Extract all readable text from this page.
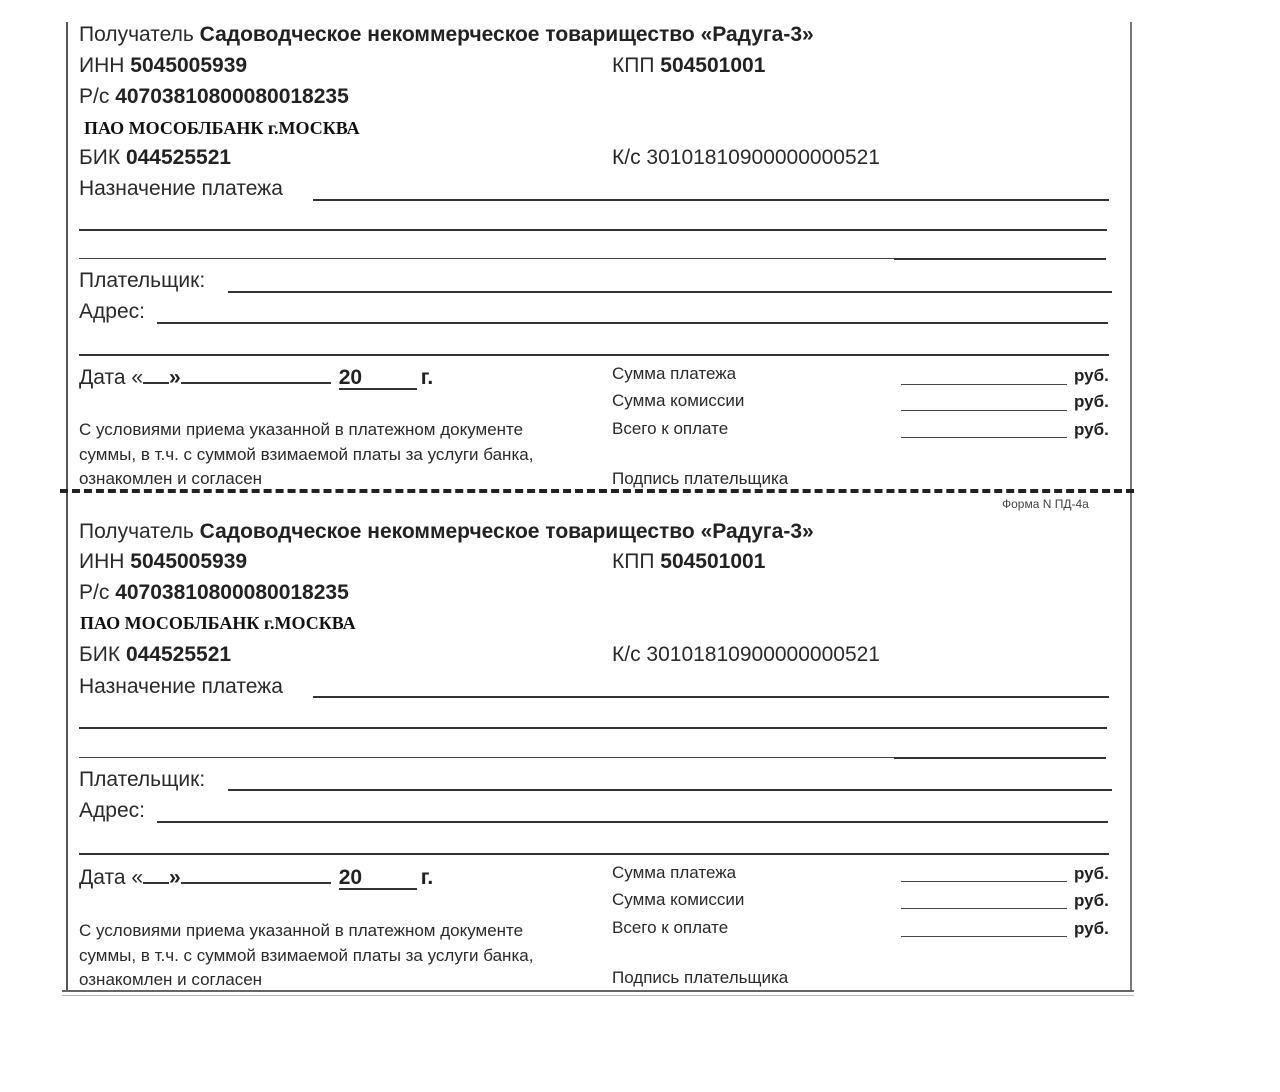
Получатель Садоводческое некоммерческое товарищество «Радуга-3»
ИНН 5045005939	КПП 504501001
Р/с 40703810800080018235
ПАО МОСОБЛБАНК г.МОСКВА
БИК 044525521	К/с 30101810900000000521
Назначение платежа
Плательщик:
Адрес:
Дата « »	20	г.	Сумма платежа	руб.
Сумма комиссии	руб.
Всего к оплате	руб.
С условиями приема указанной в платежном документе
суммы, в т.ч. с суммой взимаемой платы за услуги банка,
ознакомлен и согласен	Подпись плательщика
Форма N ПД-4а
Получатель Садоводческое некоммерческое товарищество «Радуга-3»
ИНН 5045005939	КПП 504501001
Р/с 40703810800080018235
ПАО МОСОБЛБАНК г.МОСКВА
БИК 044525521	К/с 30101810900000000521
Назначение платежа
Плательщик:
Адрес:
Дата « »	20	г.	Сумма платежа	руб.
Сумма комиссии	руб.
Всего к оплате	руб.
С условиями приема указанной в платежном документе
суммы, в т.ч. с суммой взимаемой платы за услуги банка,
ознакомлен и согласен	Подпись плательщика
